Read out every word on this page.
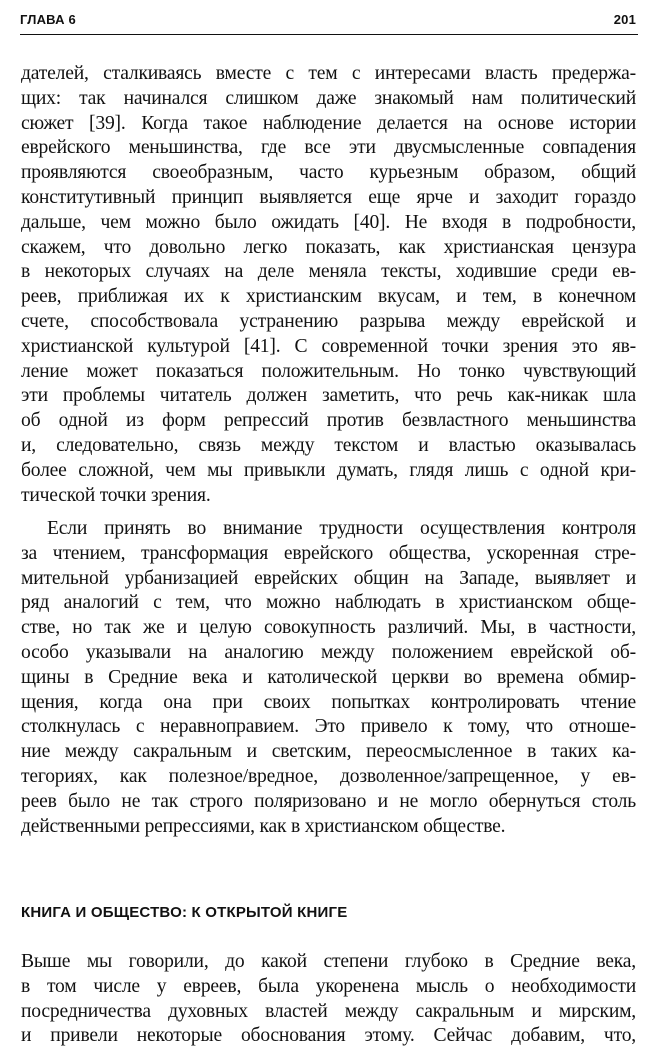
ГЛАВА 6	201

дателей, сталкиваясь вместе с тем с интересами власть предержа-
щих: так начинался слишком даже знакомый нам политический
сюжет [39]. Когда такое наблюдение делается на основе истории
еврейского меньшинства, где все эти двусмысленные совпадения
проявляются своеобразным, часто курьезным образом, общий
конститутивный принцип выявляется еще ярче и заходит гораздо
дальше, чем можно было ожидать [40]. Не входя в подробности,
скажем, что довольно легко показать, как христианская цензура
в некоторых случаях на деле меняла тексты, ходившие среди ев-
реев, приближая их к христианским вкусам, и тем, в конечном
счете, способствовала устранению разрыва между еврейской и
христианской культурой [41]. С современной точки зрения это яв-
ление может показаться положительным. Но тонко чувствующий
эти проблемы читатель должен заметить, что речь как-никак шла
об одной из форм репрессий против безвластного меньшинства
и, следовательно, связь между текстом и властью оказывалась
более сложной, чем мы привыкли думать, глядя лишь с одной кри-
тической точки зрения.

Если принять во внимание трудности осуществления контроля
за чтением, трансформация еврейского общества, ускоренная стре-
мительной урбанизацией еврейских общин на Западе, выявляет и
ряд аналогий с тем, что можно наблюдать в христианском обще-
стве, но так же и целую совокупность различий. Мы, в частности,
особо указывали на аналогию между положением еврейской об-
щины в Средние века и католической церкви во времена обмир-
щения, когда она при своих попытках контролировать чтение
столкнулась с неравноправием. Это привело к тому, что отноше-
ние между сакральным и светским, переосмысленное в таких ка-
тегориях, как полезное/вредное, дозволенное/запрещенное, у ев-
реев было не так строго поляризовано и не могло обернуться столь
действенными репрессиями, как в христианском обществе.

КНИГА И ОБЩЕСТВО: К ОТКРЫТОЙ КНИГЕ

Выше мы говорили, до какой степени глубоко в Средние века,
в том числе у евреев, была укоренена мысль о необходимости
посредничества духовных властей между сакральным и мирским,
и привели некоторые обоснования этому. Сейчас добавим, что,
